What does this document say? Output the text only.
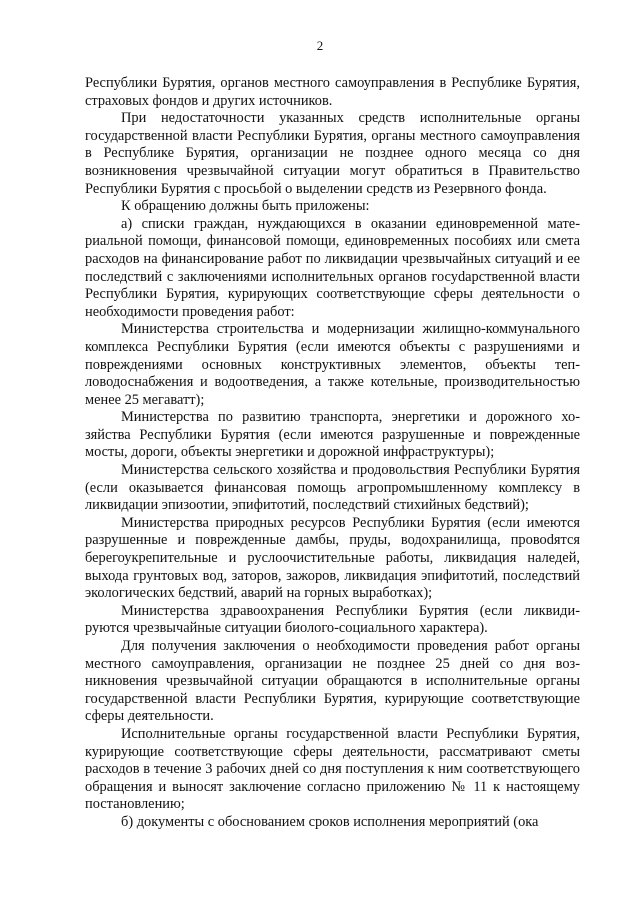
2

Республики Бурятия, органов местного самоуправления в Республике Бурятия, страховых фондов и других источников.

При недостаточности указанных средств исполнительные органы государственной власти Республики Бурятия, органы местного самоуправления в Республике Бурятия, организации не позднее одного месяца со дня возникновения чрезвычайной ситуации могут обратиться в Правительство Республики Бурятия с просьбой о выделении средств из Резервного фонда.

К обращению должны быть приложены:

а) списки граждан, нуждающихся в оказании единовременной материальной помощи, финансовой помощи, единовременных пособиях или смета расходов на финансирование работ по ликвидации чрезвычайных ситуаций и ее последствий с заключениями исполнительных органов госуdарственной власти Республики Бурятия, курирующих соответствующие сферы деятельности о необходимости проведения работ:

Министерства строительства и модернизации жилищно-коммунального комплекса Республики Бурятия (если имеются объекты с разрушениями и повреждениями основных конструктивных элементов, объекты тепловодоснабжения и водоотведения, а также котельные, производительностью менее 25 мегаватт);

Министерства по развитию транспорта, энергетики и дорожного хозяйства Республики Бурятия (если имеются разрушенные и поврежденные мосты, дороги, объекты энергетики и дорожной инфраструктуры);

Министерства сельского хозяйства и продовольствия Республики Бурятия (если оказывается финансовая помощь агропромышленному комплексу в ликвидации эпизоотии, эпифитотий, последствий стихийных бедствий);

Министерства природных ресурсов Республики Бурятия (если имеются разрушенные и поврежденные дамбы, пруды, водохранилища, провоdятся берегоукрепительные и руслоочистительные работы, ликвидация наледей, выхода грунтовых вод, заторов, зажоров, ликвидация эпифитотий, последствий экологических бедствий, аварий на горных выработках);

Министерства здравоохранения Республики Бурятия (если ликвидируются чрезвычайные ситуации биолого-социального характера).

Для получения заключения о необходимости проведения работ органы местного самоуправления, организации не позднее 25 дней со дня возникновения чрезвычайной ситуации обращаются в исполнительные органы государственной власти Республики Бурятия, курирующие соответствующие сферы деятельности.

Исполнительные органы государственной власти Республики Бурятия, курирующие соответствующие сферы деятельности, рассматривают сметы расходов в течение 3 рабочих дней со дня поступления к ним соответствующего обращения и выносят заключение согласно приложению № 11 к настоящему постановлению;

б) документы с обоснованием сроков исполнения мероприятий (ока
